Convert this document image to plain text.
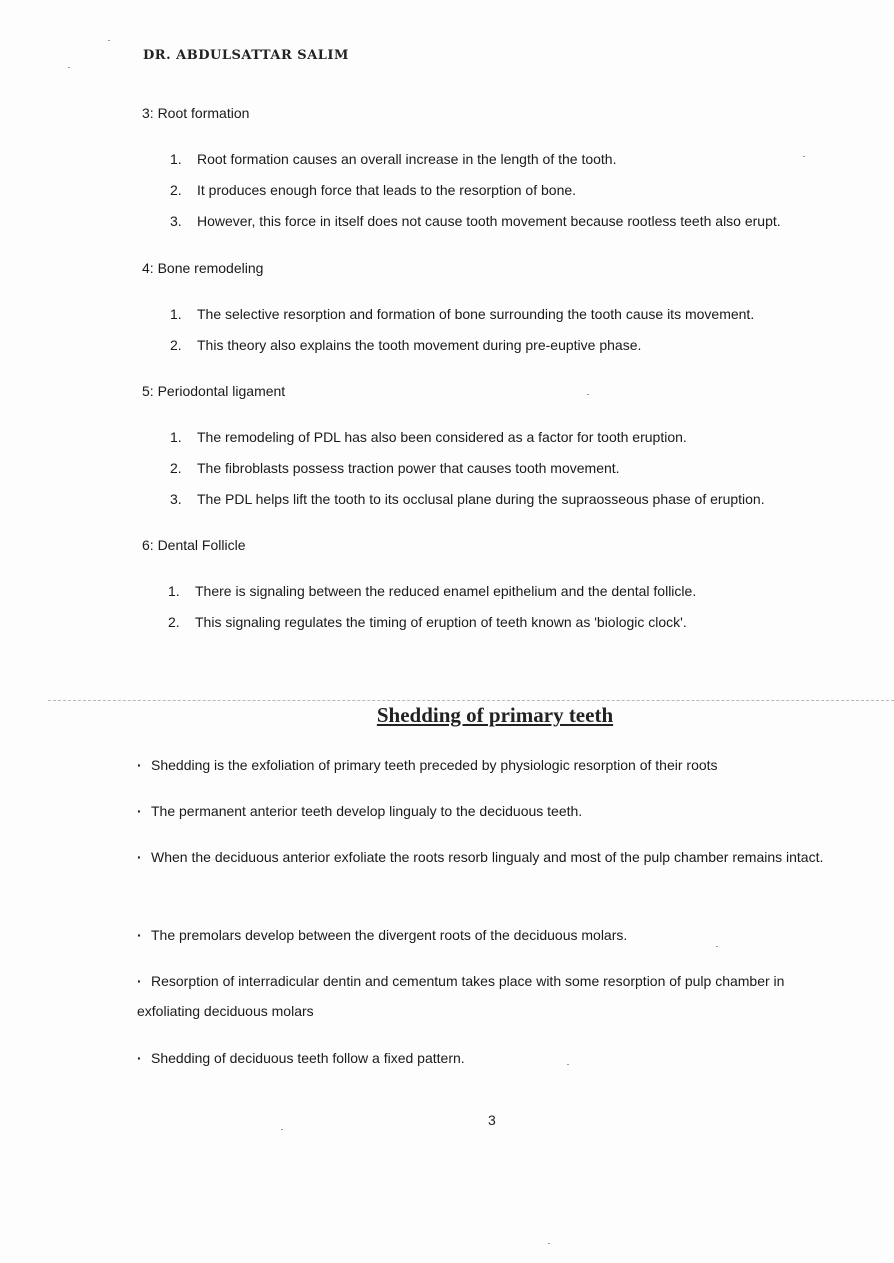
DR. ABDULSATTAR SALIM
3: Root formation
1. Root formation causes an overall increase in the length of the tooth.
2. It produces enough force that leads to the resorption of bone.
3. However, this force in itself does not cause tooth movement because rootless teeth also erupt.
4: Bone remodeling
1. The selective resorption and formation of bone surrounding the tooth cause its movement.
2. This theory also explains the tooth movement during pre-euptive phase.
5: Periodontal ligament
1. The remodeling of PDL has also been considered as a factor for tooth eruption.
2. The fibroblasts possess traction power that causes tooth movement.
3. The PDL helps lift the tooth to its occlusal plane during the supraosseous phase of eruption.
6: Dental Follicle
1. There is signaling between the reduced enamel epithelium and the dental follicle.
2. This signaling regulates the timing of eruption of teeth known as 'biologic clock'.
Shedding of primary teeth
· Shedding is the exfoliation of primary teeth preceded by physiologic resorption of their roots
· The permanent anterior teeth develop lingualy to the deciduous teeth.
· When the deciduous anterior exfoliate the roots resorb lingualy and most of the pulp chamber remains intact.
· The premolars develop between the divergent roots of the deciduous molars.
· Resorption of interradicular dentin and cementum takes place with some resorption of pulp chamber in exfoliating deciduous molars
· Shedding of deciduous teeth follow a fixed pattern.
3
